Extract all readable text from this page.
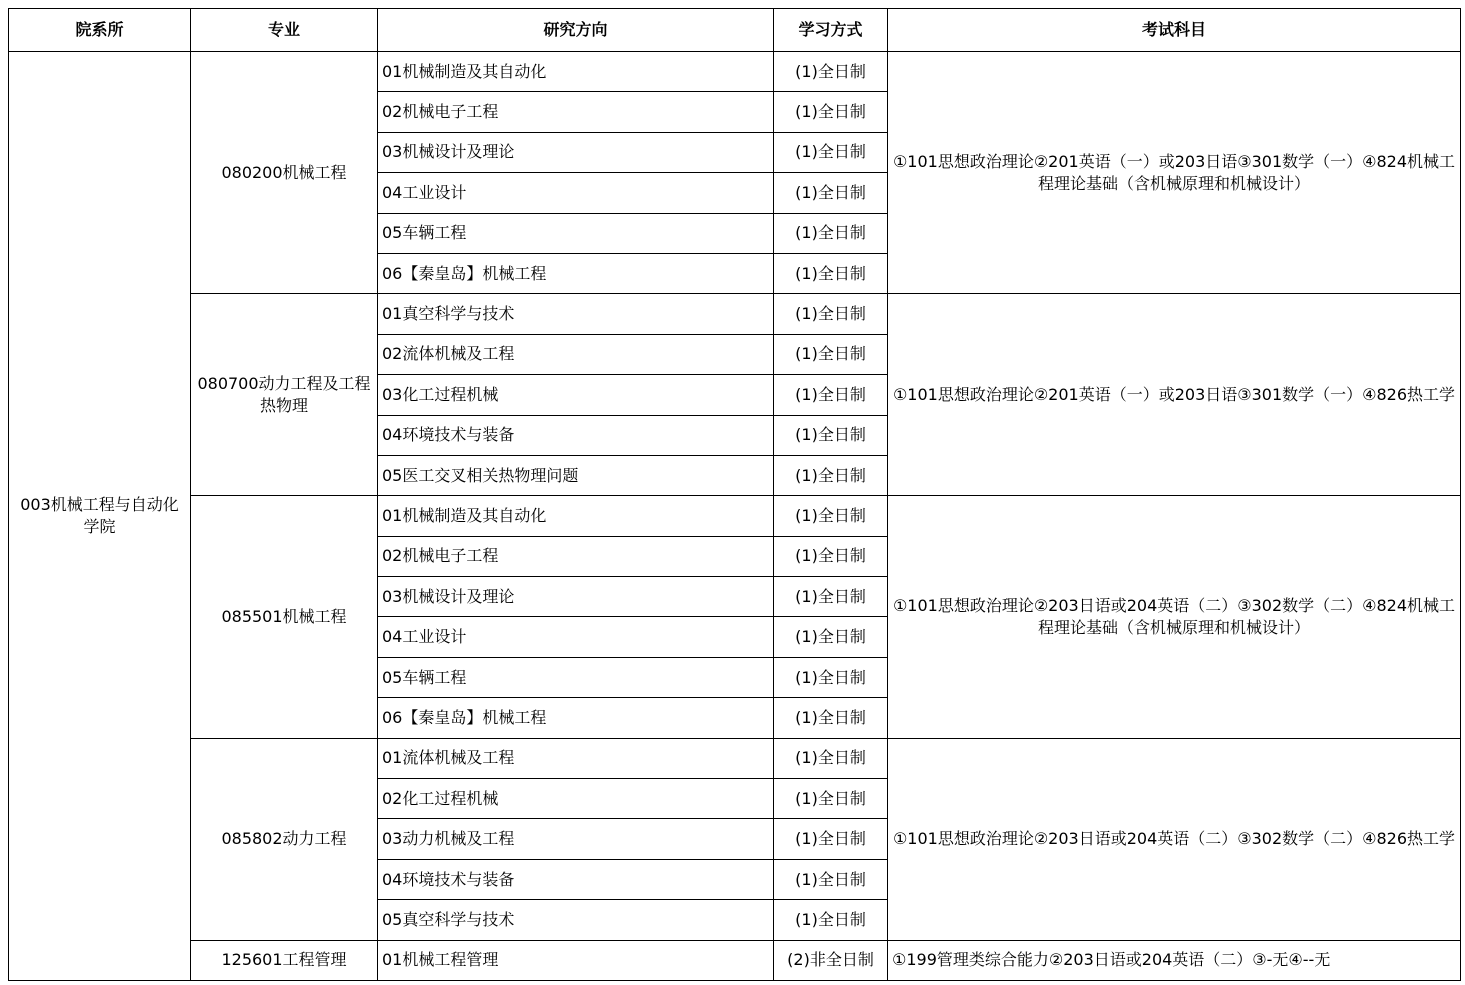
院系所	专业	研究方向	学习方式	考试科目
003机械工程与自动化学院	080200机械工程	01机械制造及其自动化	(1)全日制	①101思想政治理论②201英语（一）或203日语③301数学（一）④824机械工程理论基础（含机械原理和机械设计）
		02机械电子工程	(1)全日制	
		03机械设计及理论	(1)全日制	
		04工业设计	(1)全日制	
		05车辆工程	(1)全日制	
		06【秦皇岛】机械工程	(1)全日制	
	080700动力工程及工程热物理	01真空科学与技术	(1)全日制	①101思想政治理论②201英语（一）或203日语③301数学（一）④826热工学
		02流体机械及工程	(1)全日制	
		03化工过程机械	(1)全日制	
		04环境技术与装备	(1)全日制	
		05医工交叉相关热物理问题	(1)全日制	
	085501机械工程	01机械制造及其自动化	(1)全日制	①101思想政治理论②203日语或204英语（二）③302数学（二）④824机械工程理论基础（含机械原理和机械设计）
		02机械电子工程	(1)全日制	
		03机械设计及理论	(1)全日制	
		04工业设计	(1)全日制	
		05车辆工程	(1)全日制	
		06【秦皇岛】机械工程	(1)全日制	
	085802动力工程	01流体机械及工程	(1)全日制	①101思想政治理论②203日语或204英语（二）③302数学（二）④826热工学
		02化工过程机械	(1)全日制	
		03动力机械及工程	(1)全日制	
		04环境技术与装备	(1)全日制	
		05真空科学与技术	(1)全日制	
	125601工程管理	01机械工程管理	(2)非全日制	①199管理类综合能力②203日语或204英语（二）③-无④--无
